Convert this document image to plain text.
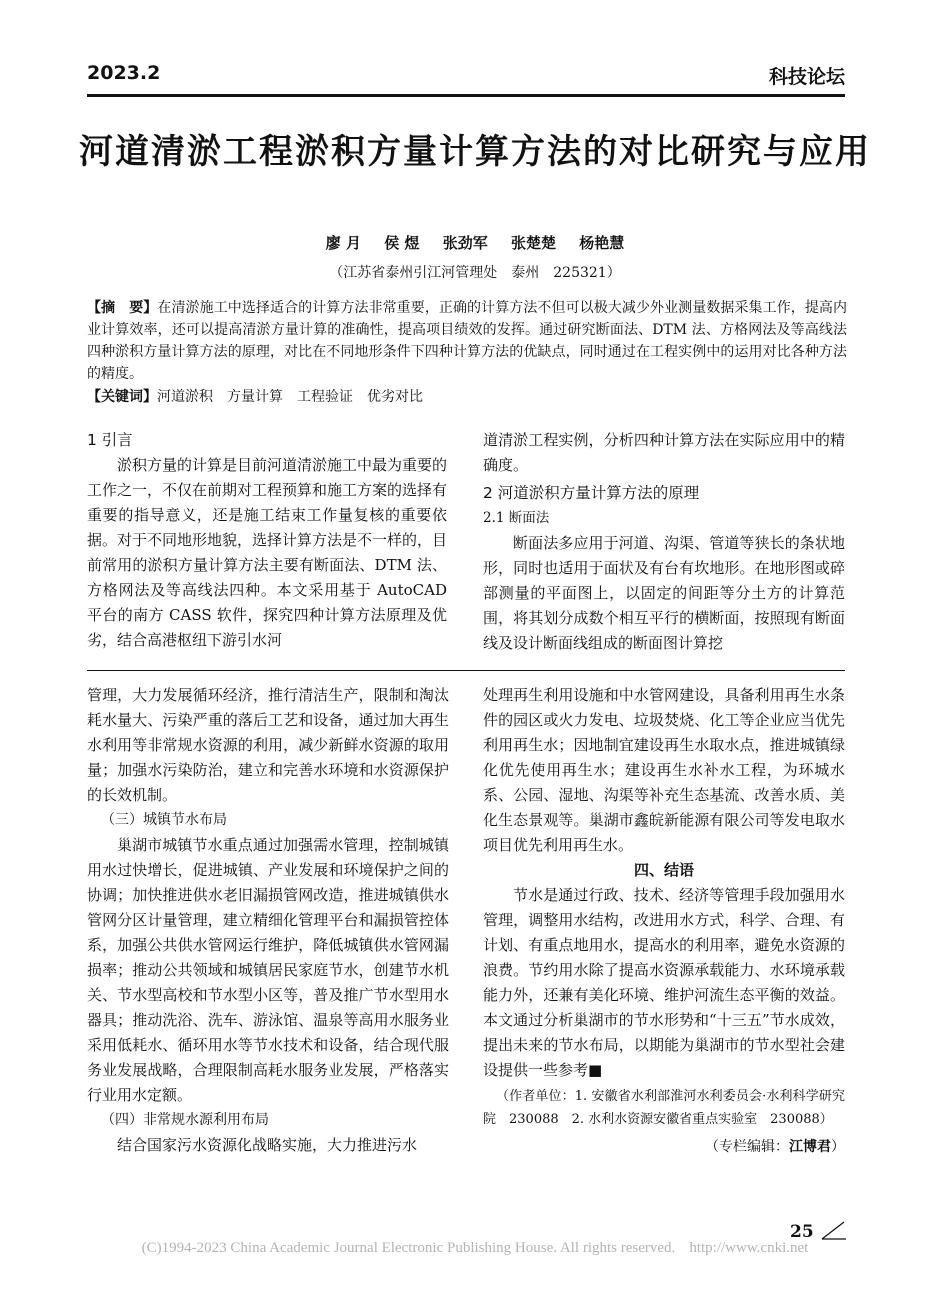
2023.2	科技论坛
河道清淤工程淤积方量计算方法的对比研究与应用
廖 月 侯 煜 张劲军 张楚楚 杨艳慧
（江苏省泰州引江河管理处　泰州　225321）
【摘　要】在清淤施工中选择适合的计算方法非常重要，正确的计算方法不但可以极大减少外业测量数据采集工作，提高内业计算效率，还可以提高清淤方量计算的准确性，提高项目绩效的发挥。通过研究断面法、DTM 法、方格网法及等高线法四种淤积方量计算方法的原理，对比在不同地形条件下四种计算方法的优缺点，同时通过在工程实例中的运用对比各种方法的精度。
【关键词】河道淤积　方量计算　工程验证　优劣对比

1 引言

淤积方量的计算是目前河道清淤施工中最为重要的工作之一，不仅在前期对工程预算和施工方案的选择有重要的指导意义，还是施工结束工作量复核的重要依据。对于不同地形地貌，选择计算方法是不一样的，目前常用的淤积方量计算方法主要有断面法、DTM 法、方格网法及等高线法四种。本文采用基于 AutoCAD 平台的南方 CASS 软件，探究四种计算方法原理及优劣，结合高港枢纽下游引水河

道清淤工程实例，分析四种计算方法在实际应用中的精确度。

2 河道淤积方量计算方法的原理

2.1 断面法

断面法多应用于河道、沟渠、管道等狭长的条状地形，同时也适用于面状及有台有坎地形。在地形图或碎部测量的平面图上，以固定的间距等分土方的计算范围，将其划分成数个相互平行的横断面，按照现有断面线及设计断面线组成的断面图计算挖

管理，大力发展循环经济，推行清洁生产，限制和淘汰耗水量大、污染严重的落后工艺和设备，通过加大再生水利用等非常规水资源的利用，减少新鲜水资源的取用量；加强水污染防治，建立和完善水环境和水资源保护的长效机制。

（三）城镇节水布局

巢湖市城镇节水重点通过加强需水管理，控制城镇用水过快增长，促进城镇、产业发展和环境保护之间的协调；加快推进供水老旧漏损管网改造，推进城镇供水管网分区计量管理，建立精细化管理平台和漏损管控体系，加强公共供水管网运行维护，降低城镇供水管网漏损率；推动公共领域和城镇居民家庭节水，创建节水机关、节水型高校和节水型小区等，普及推广节水型用水器具；推动洗浴、洗车、游泳馆、温泉等高用水服务业采用低耗水、循环用水等节水技术和设备，结合现代服务业发展战略，合理限制高耗水服务业发展，严格落实行业用水定额。

（四）非常规水源利用布局

结合国家污水资源化战略实施，大力推进污水

处理再生利用设施和中水管网建设，具备利用再生水条件的园区或火力发电、垃圾焚烧、化工等企业应当优先利用再生水；因地制宜建设再生水取水点，推进城镇绿化优先使用再生水；建设再生水补水工程，为环城水系、公园、湿地、沟渠等补充生态基流、改善水质、美化生态景观等。巢湖市鑫皖新能源有限公司等发电取水项目优先利用再生水。

四、结语

节水是通过行政、技术、经济等管理手段加强用水管理，调整用水结构，改进用水方式，科学、合理、有计划、有重点地用水，提高水的利用率，避免水资源的浪费。节约用水除了提高水资源承载能力、水环境承载能力外，还兼有美化环境、维护河流生态平衡的效益。本文通过分析巢湖市的节水形势和“十三五”节水成效，提出未来的节水布局，以期能为巢湖市的节水型社会建设提供一些参考■

（作者单位：1. 安徽省水利部淮河水利委员会·水利科学研究院　230088　2. 水利水资源安徽省重点实验室　230088）

（专栏编辑：江博君）

25
(C)1994-2023 China Academic Journal Electronic Publishing House. All rights reserved. http://www.cnki.net
